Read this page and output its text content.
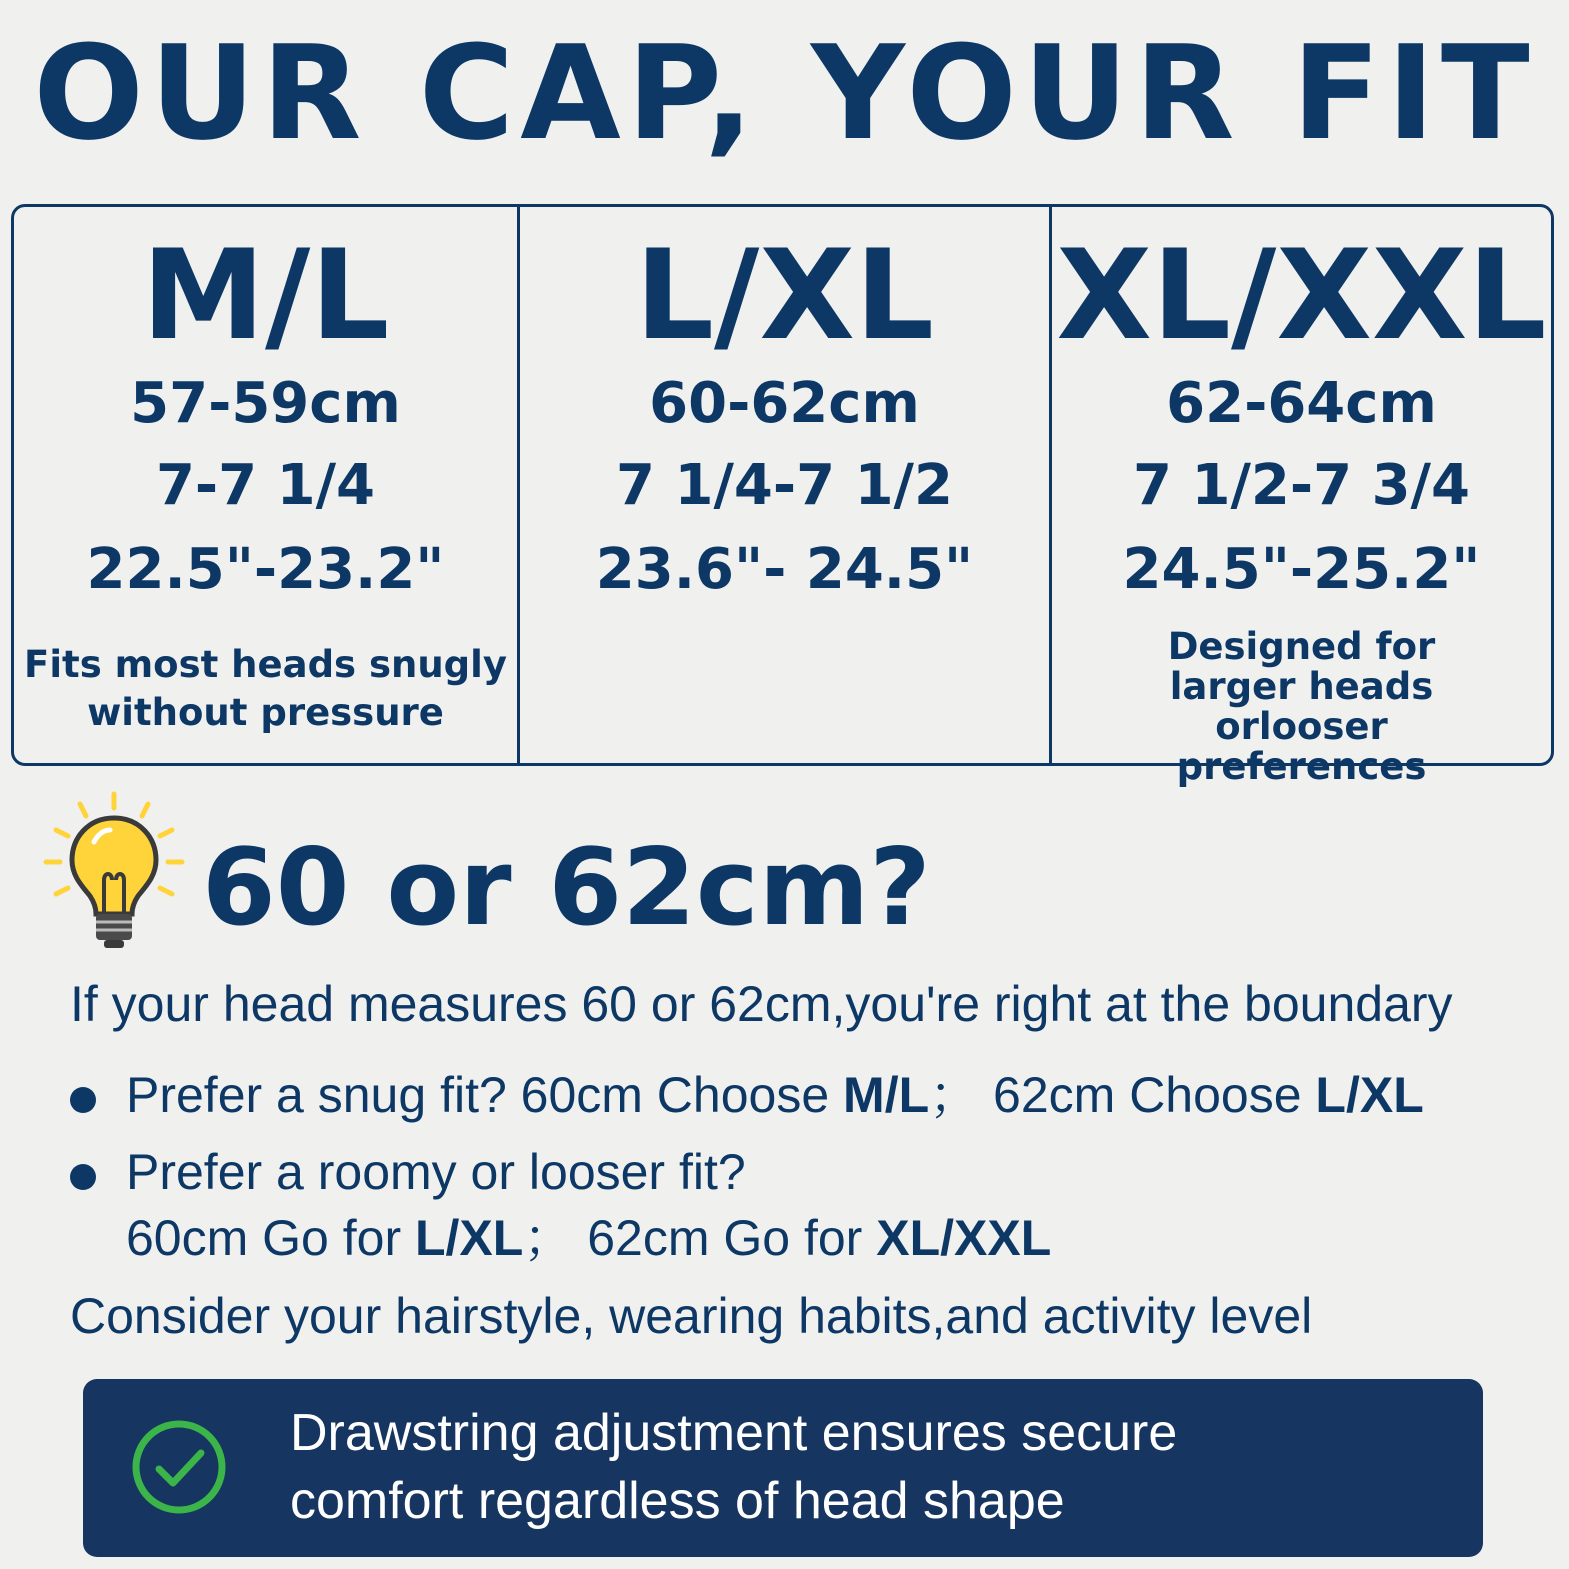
OUR CAP, YOUR FIT
M/L
57-59cm
7-7 1/4
22.5"-23.2"
Fits most heads snugly without pressure
L/XL
60-62cm
7 1/4-7 1/2
23.6"- 24.5"
XL/XXL
62-64cm
7 1/2-7 3/4
24.5"-25.2"
Designed for larger heads orlooser preferences
60 or 62cm?
If your head measures 60 or 62cm,you're right at the boundary
Prefer a snug fit? 60cm Choose M/L； 62cm Choose L/XL
Prefer a roomy or looser fit?
60cm Go for L/XL； 62cm Go for XL/XXL
Consider your hairstyle, wearing habits,and activity level
Drawstring adjustment ensures secure
comfort regardless of head shape
